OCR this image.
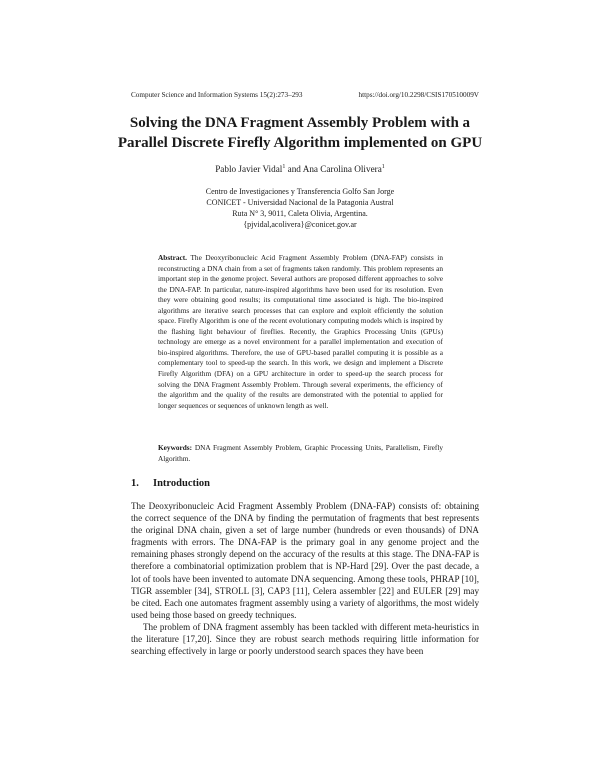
Computer Science and Information Systems 15(2):273–293	https://doi.org/10.2298/CSIS170510009V
Solving the DNA Fragment Assembly Problem with a
Parallel Discrete Firefly Algorithm implemented on GPU
Pablo Javier Vidal$^1$ and Ana Carolina Olivera$^1$
Centro de Investigaciones y Transferencia Golfo San Jorge
CONICET - Universidad Nacional de la Patagonia Austral
Ruta N° 3, 9011, Caleta Olivia, Argentina.
{pjvidal,acolivera}@conicet.gov.ar
Abstract. The Deoxyribonucleic Acid Fragment Assembly Problem (DNA-FAP) consists in reconstructing a DNA chain from a set of fragments taken randomly. This problem represents an important step in the genome project. Several authors are proposed different approaches to solve the DNA-FAP. In particular, nature-inspired algorithms have been used for its resolution. Even they were obtaining good results; its computational time associated is high. The bio-inspired algorithms are iterative search processes that can explore and exploit efficiently the solution space. Firefly Algorithm is one of the recent evolutionary computing models which is inspired by the flashing light behaviour of fireflies. Recently, the Graphics Processing Units (GPUs) technology are emerge as a novel environment for a parallel implementation and execution of bio-inspired algorithms. Therefore, the use of GPU-based parallel computing it is possible as a complementary tool to speed-up the search. In this work, we design and implement a Discrete Firefly Algorithm (DFA) on a GPU architecture in order to speed-up the search process for solving the DNA Fragment Assembly Problem. Through several experiments, the efficiency of the algorithm and the quality of the results are demonstrated with the potential to applied for longer sequences or sequences of unknown length as well.
Keywords: DNA Fragment Assembly Problem, Graphic Processing Units, Parallelism, Firefly Algorithm.
1. Introduction

The Deoxyribonucleic Acid Fragment Assembly Problem (DNA-FAP) consists of: obtaining the correct sequence of the DNA by finding the permutation of fragments that best represents the original DNA chain, given a set of large number (hundreds or even thousands) of DNA fragments with errors. The DNA-FAP is the primary goal in any genome project and the remaining phases strongly depend on the accuracy of the results at this stage. The DNA-FAP is therefore a combinatorial optimization problem that is NP-Hard [29]. Over the past decade, a lot of tools have been invented to automate DNA sequencing. Among these tools, PHRAP [10], TIGR assembler [34], STROLL [3], CAP3 [11], Celera assembler [22] and EULER [29] may be cited. Each one automates fragment assembly using a variety of algorithms, the most widely used being those based on greedy techniques.

The problem of DNA fragment assembly has been tackled with different meta-heuristics in the literature [17,20]. Since they are robust search methods requiring little information for searching effectively in large or poorly understood search spaces they have been
